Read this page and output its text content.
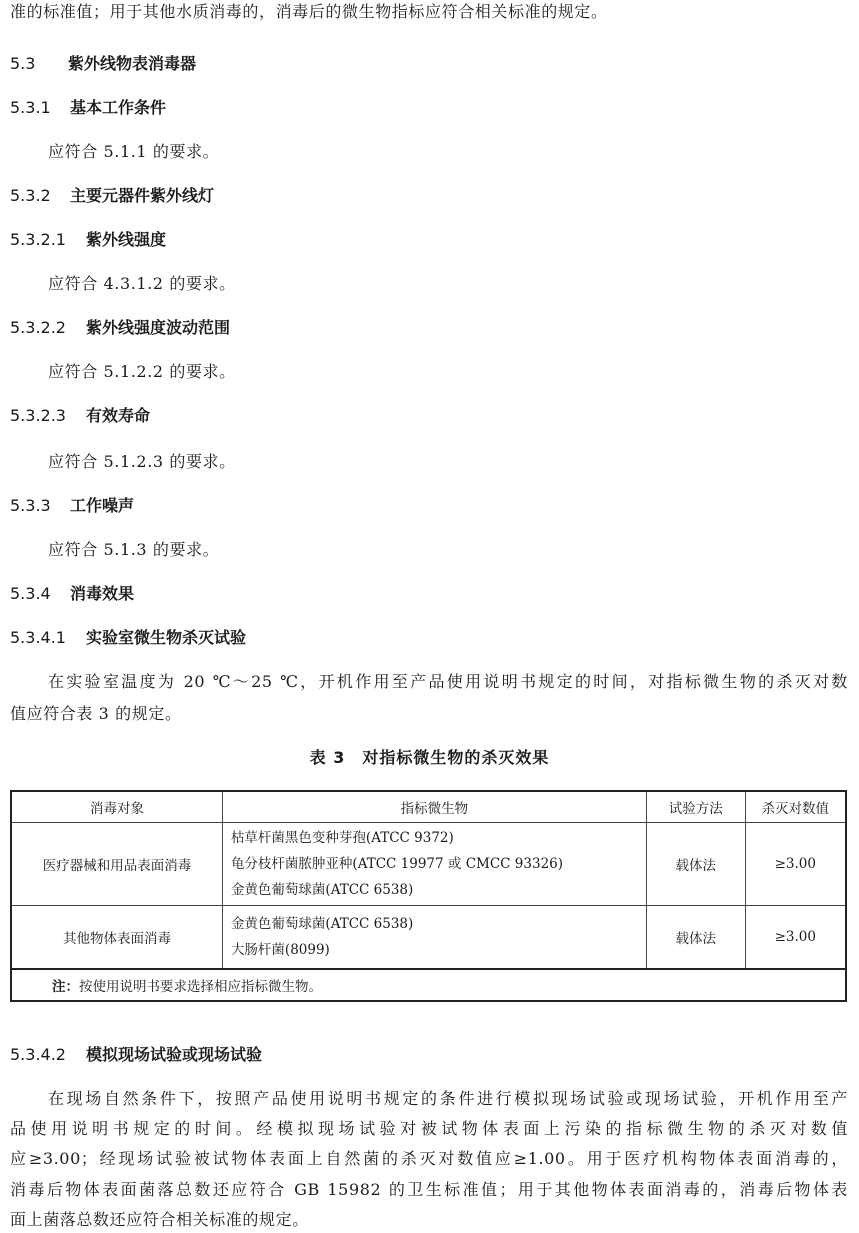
准的标准值；用于其他水质消毒的，消毒后的微生物指标应符合相关标准的规定。
5.3 紫外线物表消毒器
5.3.1 基本工作条件
应符合 5.1.1 的要求。
5.3.2 主要元器件紫外线灯
5.3.2.1 紫外线强度
应符合 4.3.1.2 的要求。
5.3.2.2 紫外线强度波动范围
应符合 5.1.2.2 的要求。
5.3.2.3 有效寿命
应符合 5.1.2.3 的要求。
5.3.3 工作噪声
应符合 5.1.3 的要求。
5.3.4 消毒效果
5.3.4.1 实验室微生物杀灭试验
在实验室温度为 20 ℃～25 ℃，开机作用至产品使用说明书规定的时间，对指标微生物的杀灭对数
值应符合表 3 的规定。
表 3　对指标微生物的杀灭效果
消毒对象	指标微生物	试验方法	杀灭对数值
医疗器械和用品表面消毒	枯草杆菌黑色变种芽孢(ATCC 9372)
龟分枝杆菌脓肿亚种(ATCC 19977 或 CMCC 93326)
金黄色葡萄球菌(ATCC 6538)	载体法	≥3.00
其他物体表面消毒	金黄色葡萄球菌(ATCC 6538)
大肠杆菌(8099)	载体法	≥3.00
注：按使用说明书要求选择相应指标微生物。			
5.3.4.2 模拟现场试验或现场试验
在现场自然条件下，按照产品使用说明书规定的条件进行模拟现场试验或现场试验，开机作用至产
品使用说明书规定的时间。经模拟现场试验对被试物体表面上污染的指标微生物的杀灭对数值
应≥3.00；经现场试验被试物体表面上自然菌的杀灭对数值应≥1.00。用于医疗机构物体表面消毒的，
消毒后物体表面菌落总数还应符合 GB 15982 的卫生标准值；用于其他物体表面消毒的，消毒后物体表
面上菌落总数还应符合相关标准的规定。
